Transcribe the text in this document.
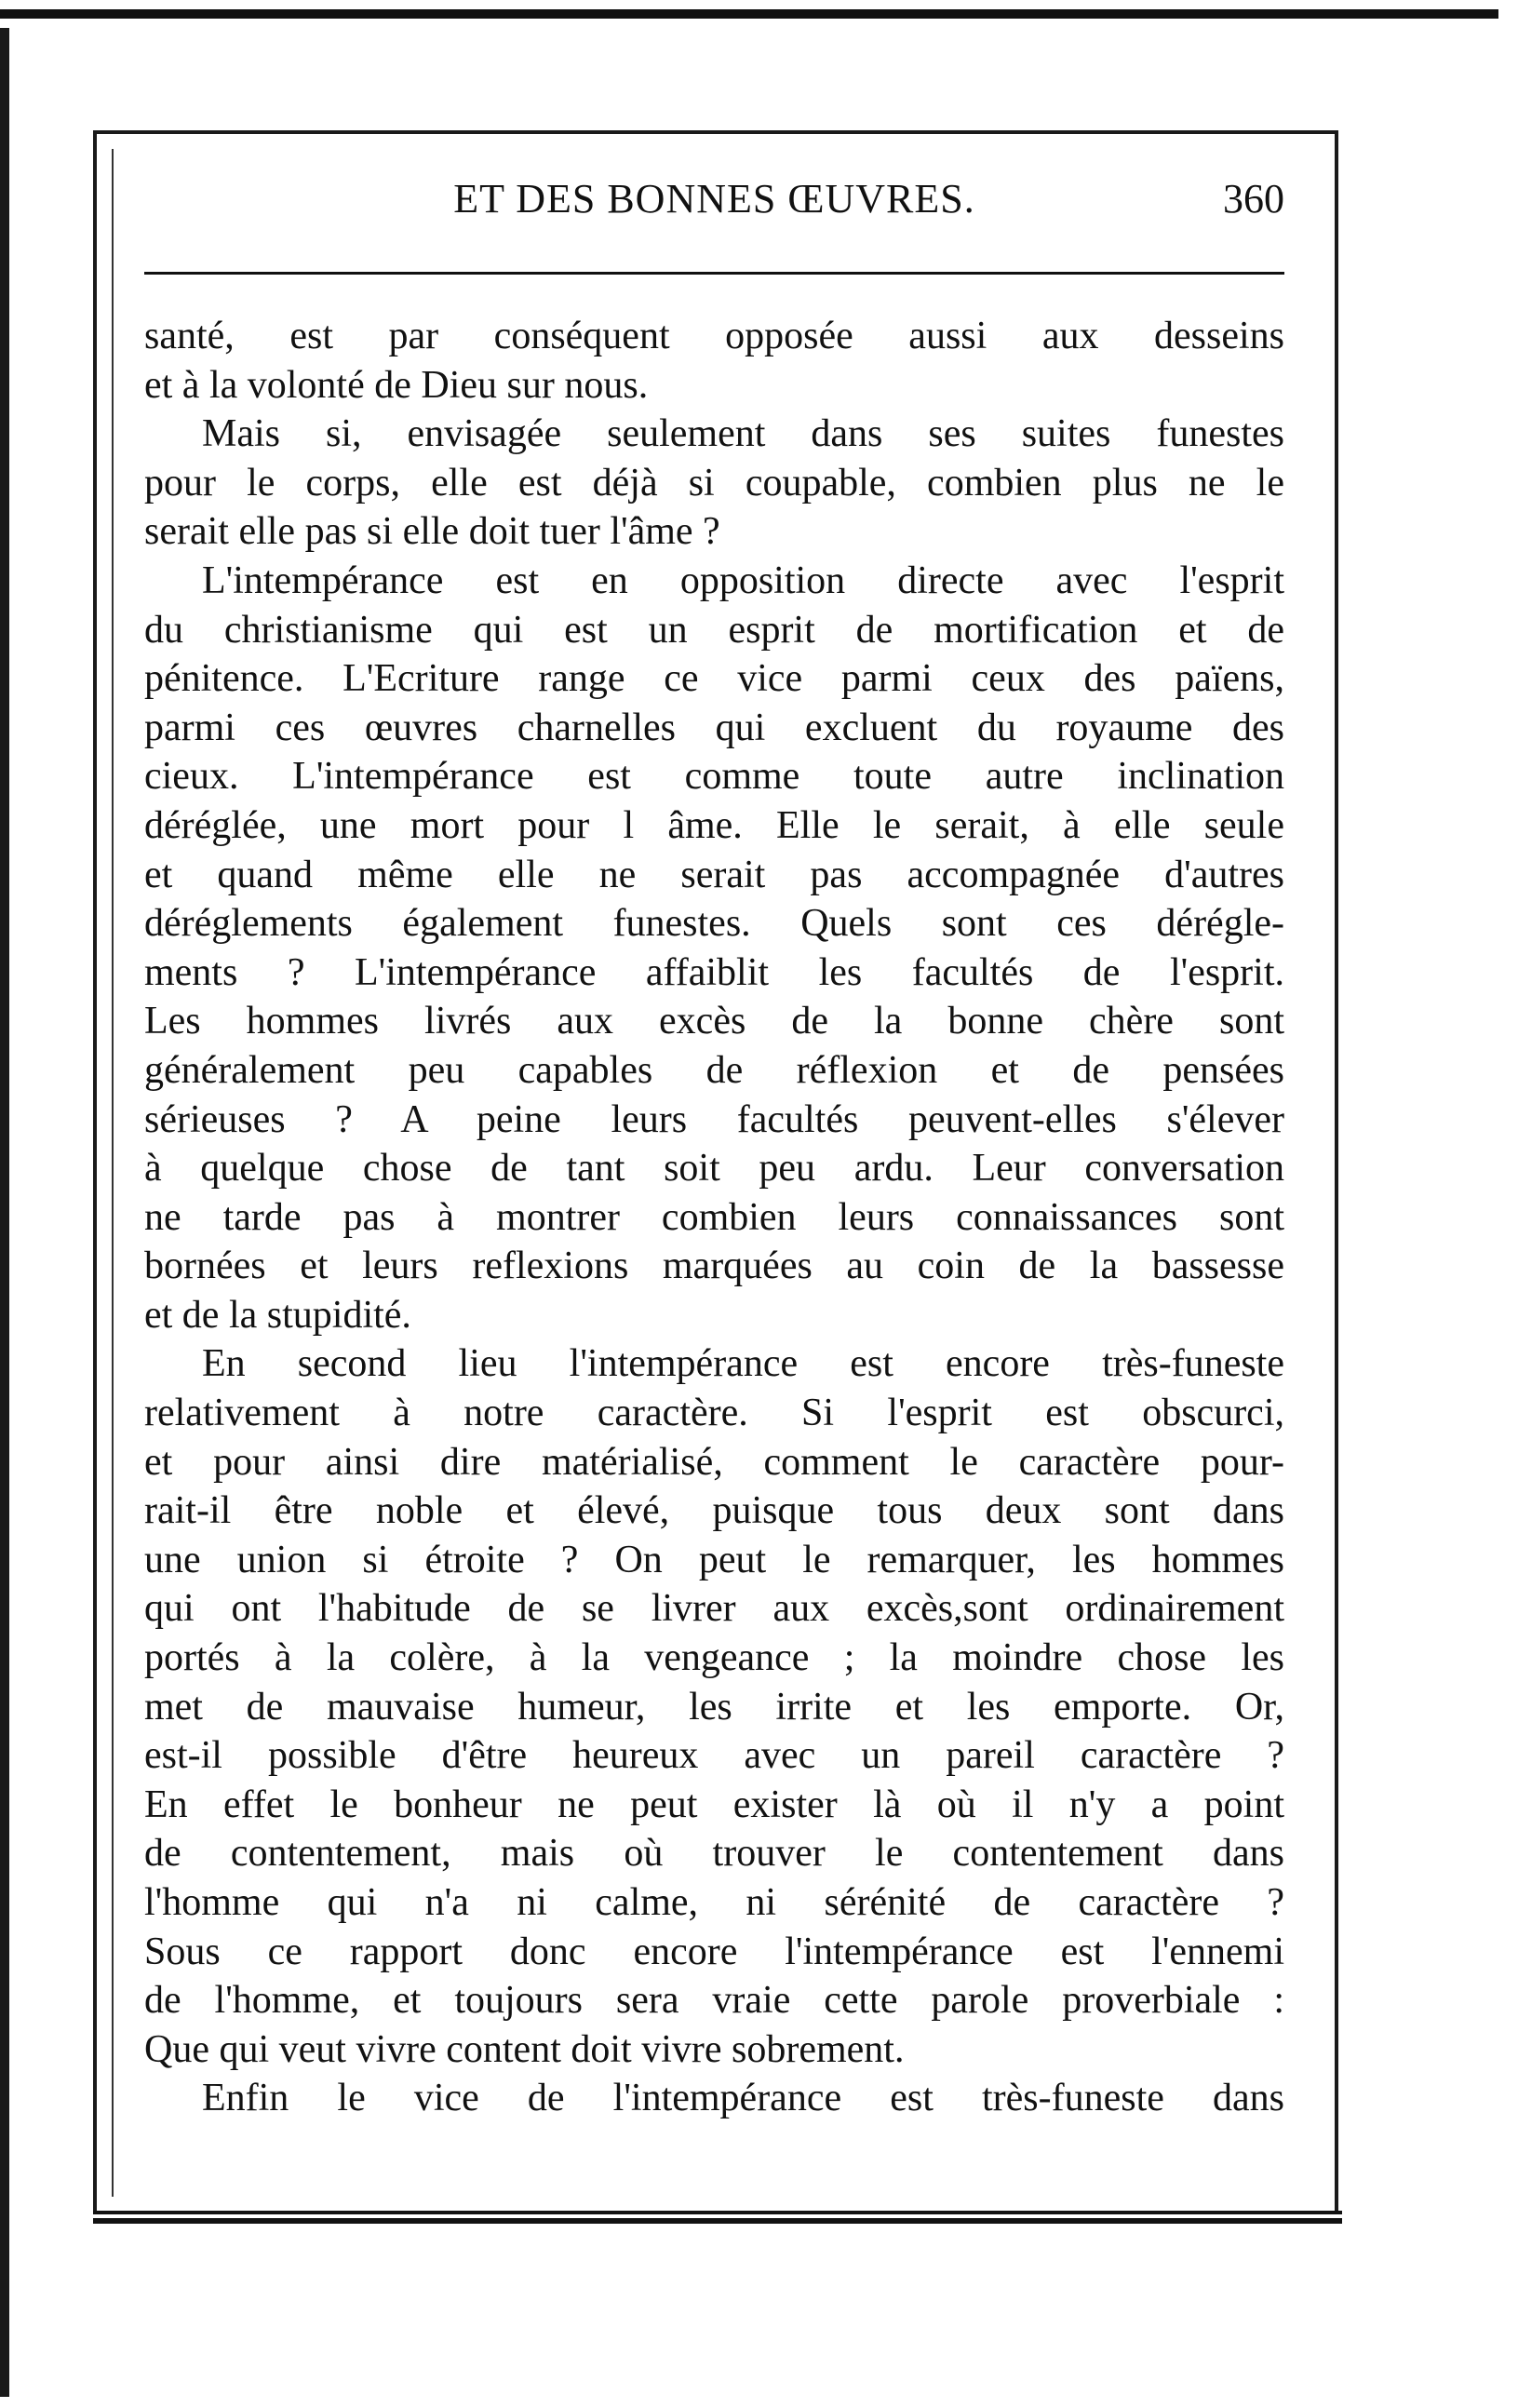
ET DES BONNES ŒUVRES.	360
santé, est par conséquent opposée aussi aux desseins
et à la volonté de Dieu sur nous.
Mais si, envisagée seulement dans ses suites funestes
pour le corps, elle est déjà si coupable, combien plus ne le
serait elle pas si elle doit tuer l'âme ?
L'intempérance est en opposition directe avec l'esprit
du christianisme qui est un esprit de mortification et de
pénitence. L'Ecriture range ce vice parmi ceux des païens,
parmi ces œuvres charnelles qui excluent du royaume des
cieux. L'intempérance est comme toute autre inclination
déréglée, une mort pour l âme. Elle le serait, à elle seule
et quand même elle ne serait pas accompagnée d'autres
déréglements également funestes. Quels sont ces déréglе-
ments ? L'intempérance affaiblit les facultés de l'esprit.
Les hommes livrés aux excès de la bonne chère sont
généralement peu capables de réflexion et de pensées
sérieuses ? A peine leurs facultés peuvent-elles s'élever
à quelque chose de tant soit peu ardu. Leur conversation
ne tarde pas à montrer combien leurs connaissances sont
bornées et leurs reflexions marquées au coin de la bassesse
et de la stupidité.
En second lieu l'intempérance est encore très-funeste
relativement à notre caractère. Si l'esprit est obscurci,
et pour ainsi dire matérialisé, comment le caractère pour-
rait-il être noble et élevé, puisque tous deux sont dans
une union si étroite ? On peut le remarquer, les hommes
qui ont l'habitude de se livrer aux excès,sont ordinairement
portés à la colère, à la vengeance ; la moindre chose les
met de mauvaise humeur, les irrite et les emporte. Or,
est-il possible d'être heureux avec un pareil caractère ?
En effet le bonheur ne peut exister là où il n'y a point
de contentement, mais où trouver le contentement dans
l'homme qui n'a ni calme, ni sérénité de caractère ?
Sous ce rapport donc encore l'intempérance est l'ennemi
de l'homme, et toujours sera vraie cette parole proverbiale :
Que qui veut vivre content doit vivre sobrement.
Enfin le vice de l'intempérance est très-funeste dans
